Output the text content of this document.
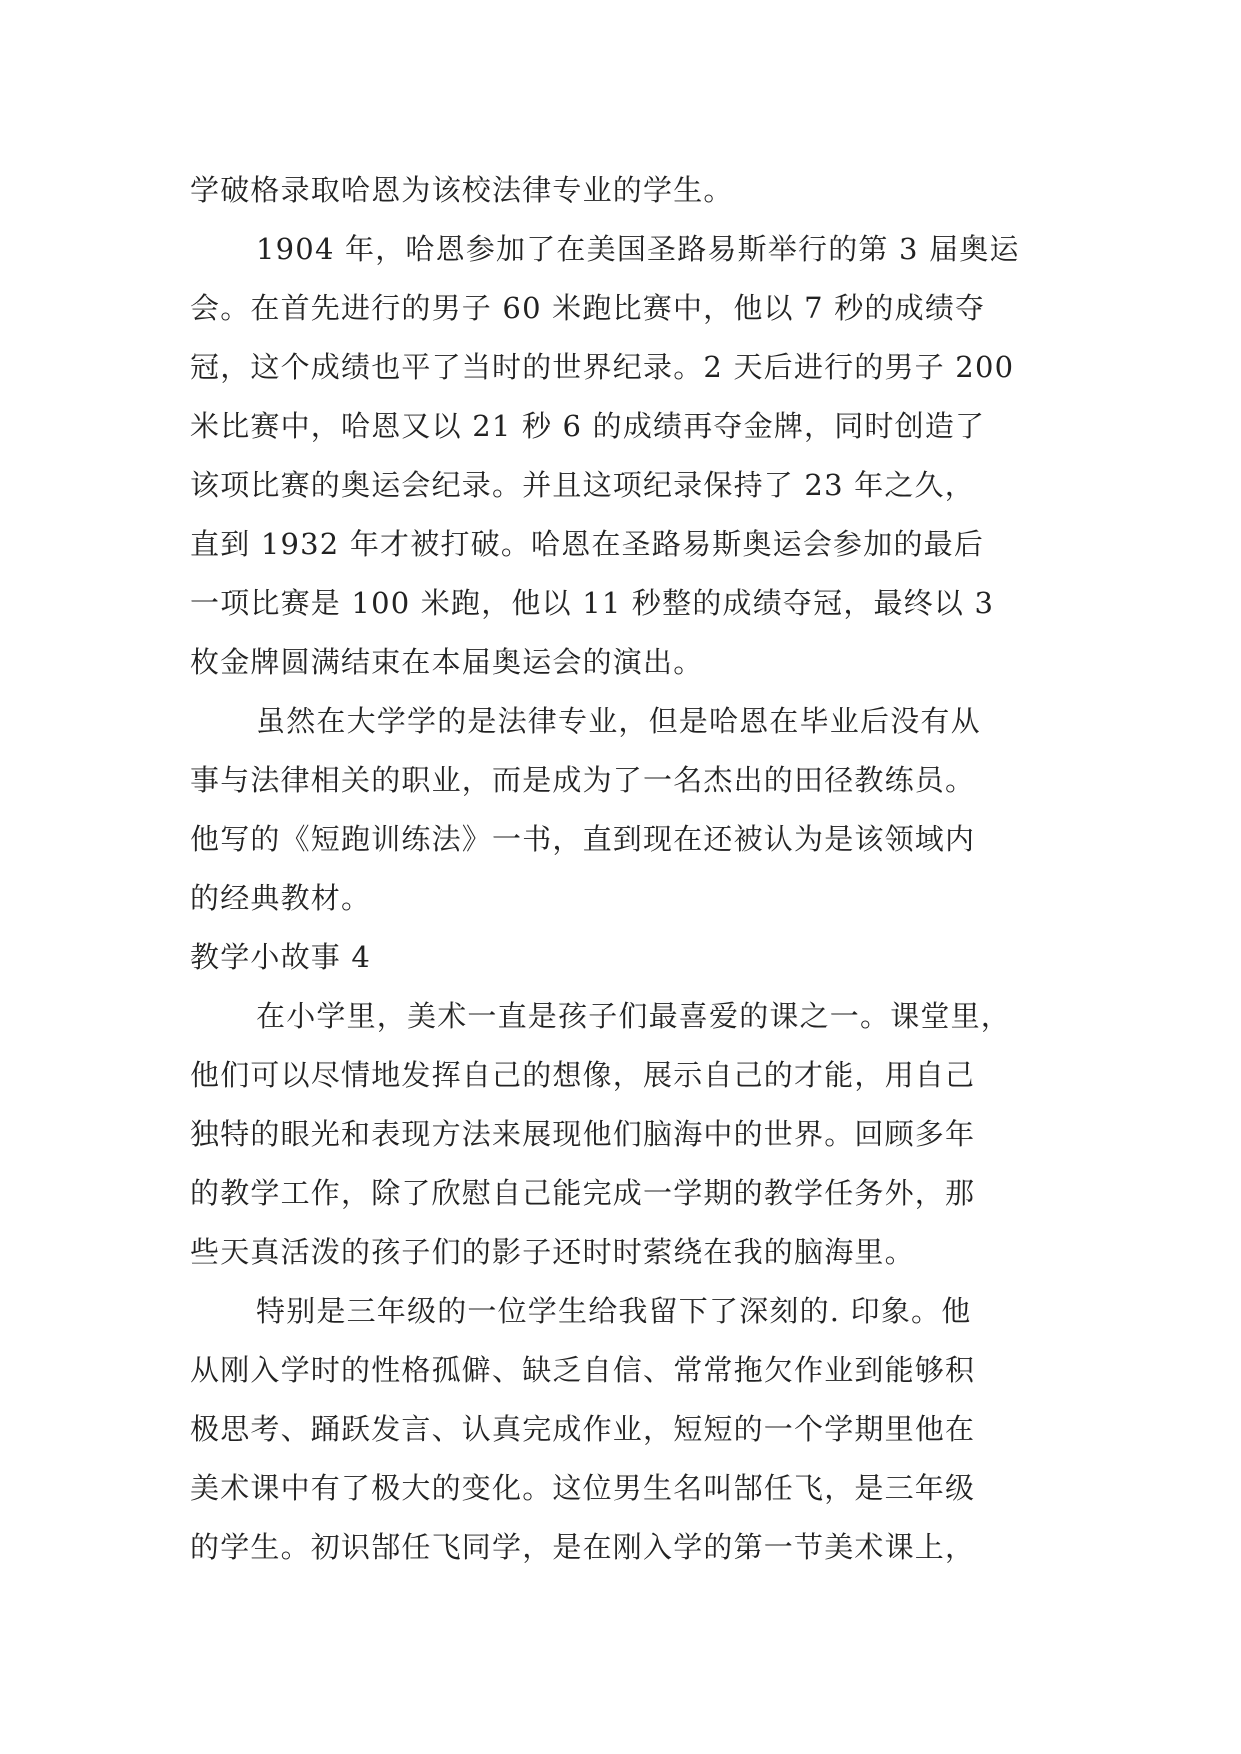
学破格录取哈恩为该校法律专业的学生。

1904 年，哈恩参加了在美国圣路易斯举行的第 3 届奥运

会。在首先进行的男子 60 米跑比赛中，他以 7 秒的成绩夺

冠，这个成绩也平了当时的世界纪录。2 天后进行的男子 200

米比赛中，哈恩又以 21 秒 6 的成绩再夺金牌，同时创造了

该项比赛的奥运会纪录。并且这项纪录保持了 23 年之久，

直到 1932 年才被打破。哈恩在圣路易斯奥运会参加的最后

一项比赛是 100 米跑，他以 11 秒整的成绩夺冠，最终以 3

枚金牌圆满结束在本届奥运会的演出。

虽然在大学学的是法律专业，但是哈恩在毕业后没有从

事与法律相关的职业，而是成为了一名杰出的田径教练员。

他写的《短跑训练法》一书，直到现在还被认为是该领域内

的经典教材。

教学小故事 4

在小学里，美术一直是孩子们最喜爱的课之一。课堂里，

他们可以尽情地发挥自己的想像，展示自己的才能，用自己

独特的眼光和表现方法来展现他们脑海中的世界。回顾多年

的教学工作，除了欣慰自己能完成一学期的教学任务外，那

些天真活泼的孩子们的影子还时时萦绕在我的脑海里。

特别是三年级的一位学生给我留下了深刻的. 印象。他

从刚入学时的性格孤僻、缺乏自信、常常拖欠作业到能够积

极思考、踊跃发言、认真完成作业，短短的一个学期里他在

美术课中有了极大的变化。这位男生名叫郜任飞，是三年级

的学生。初识郜任飞同学，是在刚入学的第一节美术课上，
